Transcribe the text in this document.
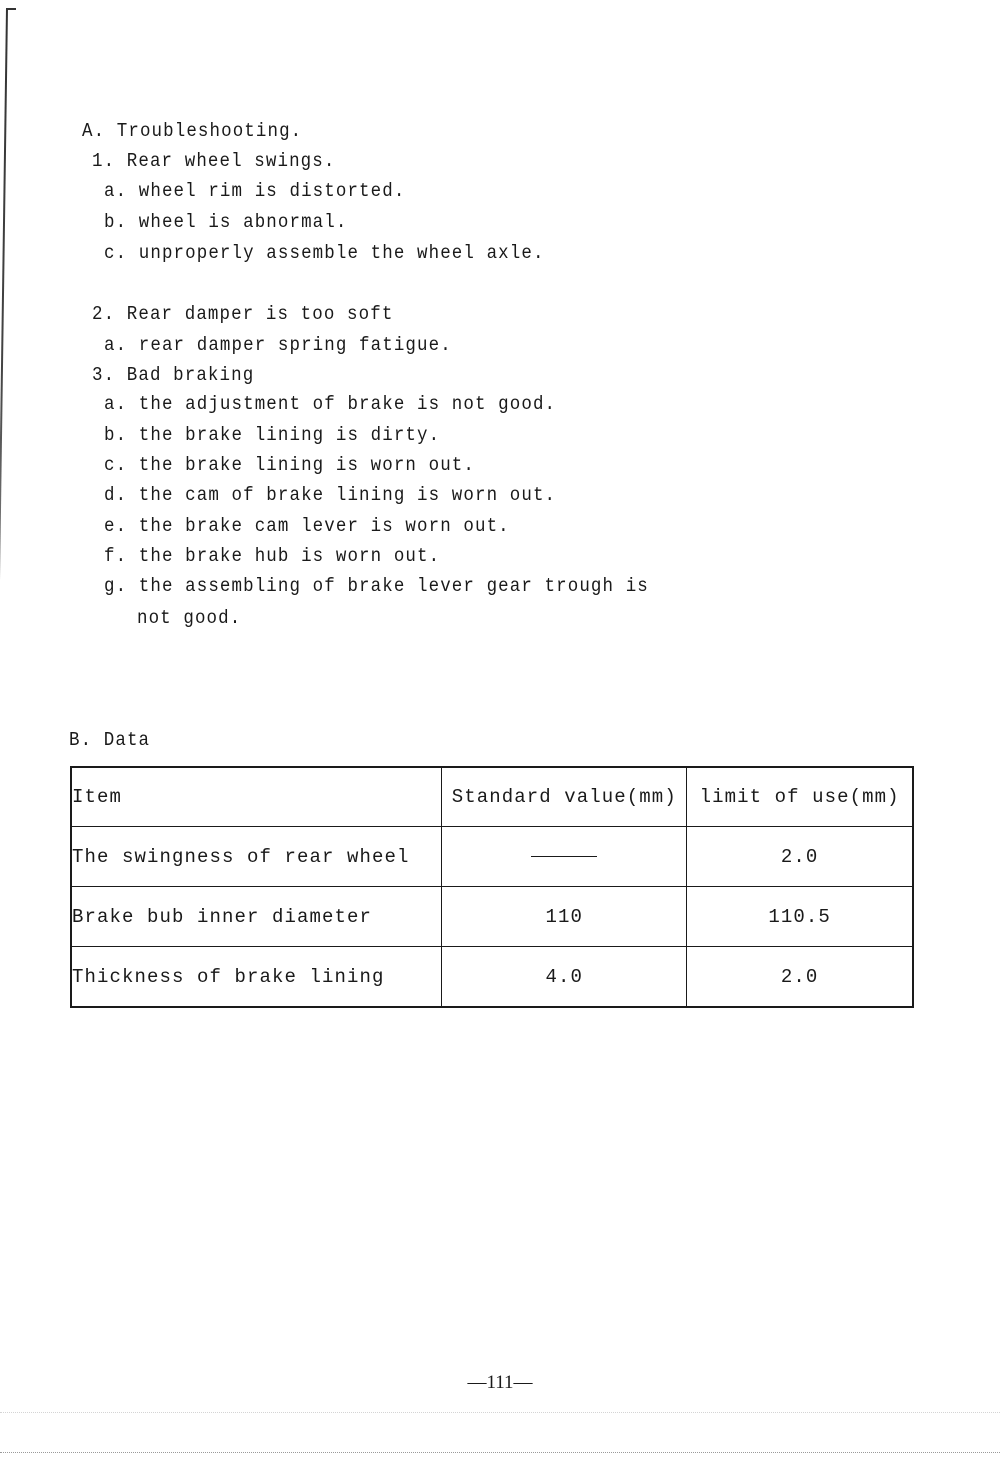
A. Troubleshooting.
1. Rear wheel swings.
a. wheel rim is distorted.
b. wheel is abnormal.
c. unproperly assemble the wheel axle.
2. Rear damper is too soft
a. rear damper spring fatigue.
3. Bad braking
a. the adjustment of brake is not good.
b. the brake lining is dirty.
c. the brake lining is worn out.
d. the cam of brake lining is worn out.
e. the brake cam lever is worn out.
f. the brake hub is worn out.
g. the assembling of brake lever gear trough is
not good.
B. Data
Item	Standard value(mm)	limit of use(mm)
The swingness of rear wheel		2.0
Brake bub inner diameter	110	110.5
Thickness of brake lining	4.0	2.0
—111—
